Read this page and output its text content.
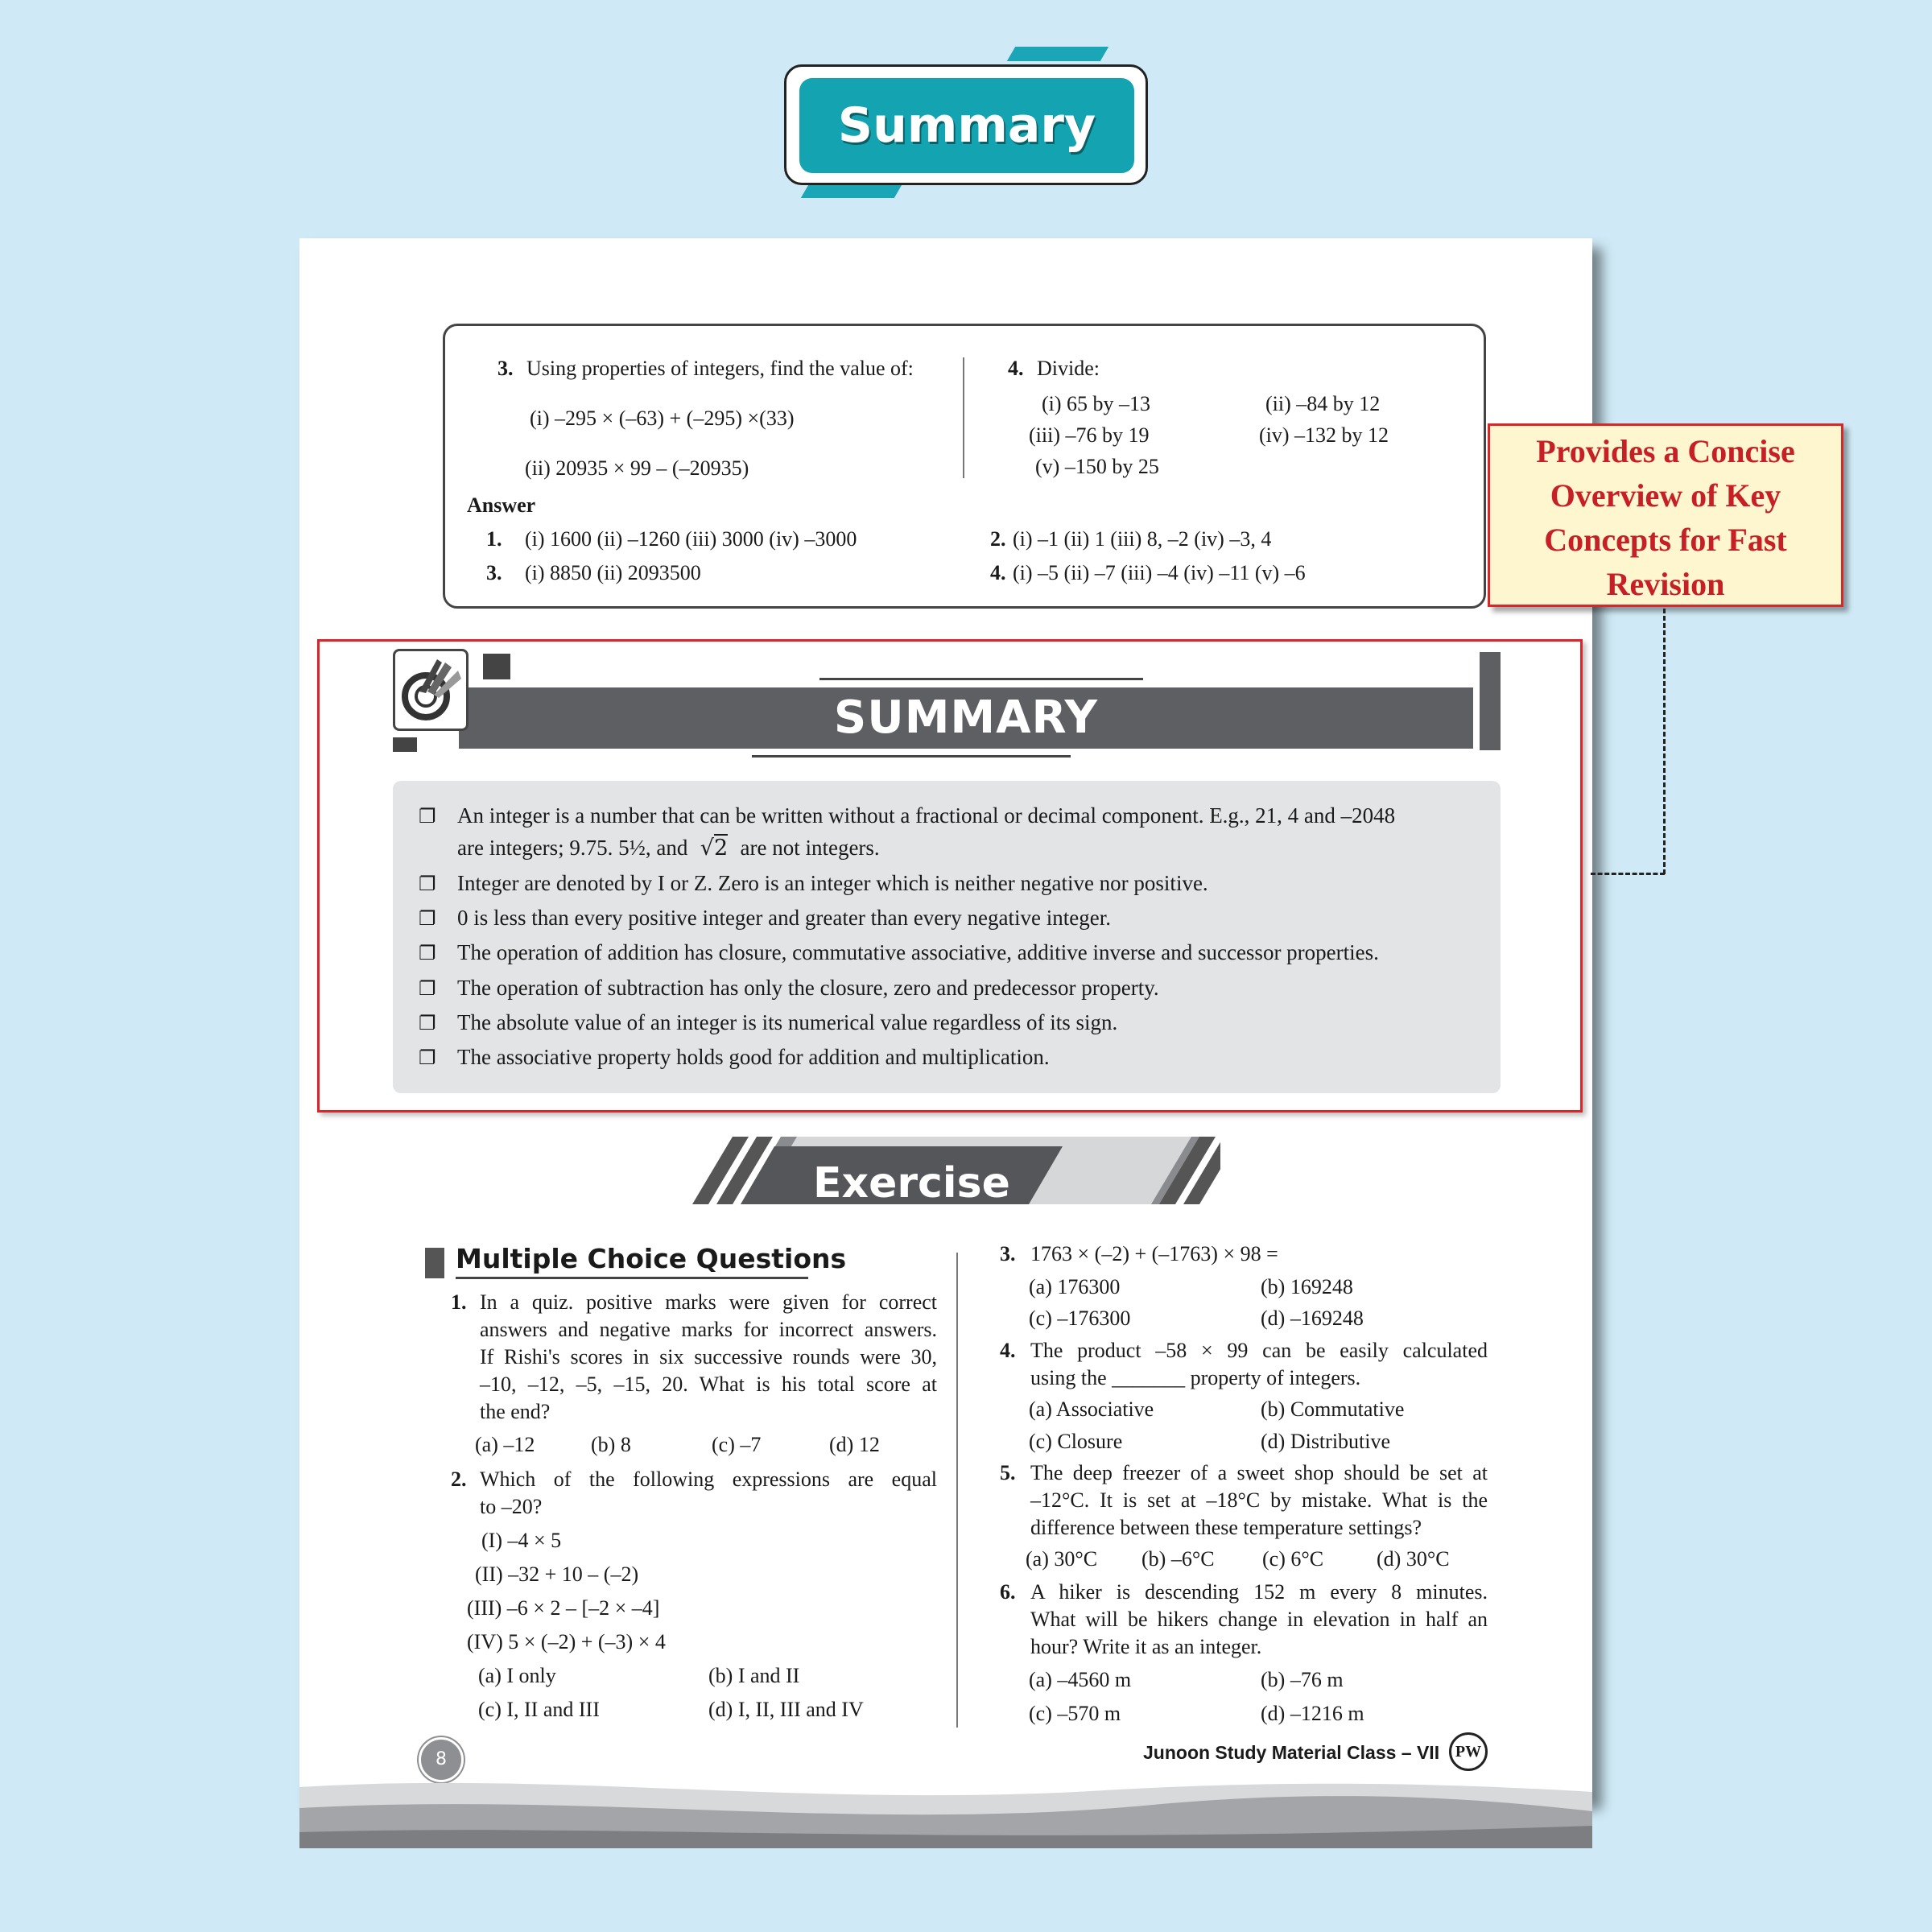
Summary
3. Using properties of integers, find the value of:
(i) –295 × (–63) + (–295) ×(33)
(ii) 20935 × 99 – (–20935)
4. Divide:
(i) 65 by –13	(ii) –84 by 12
(iii) –76 by 19	(iv) –132 by 12
(v) –150 by 25
Answer
1. (i) 1600 (ii) –1260 (iii) 3000 (iv) –3000	2. (i) –1 (ii) 1 (iii) 8, –2 (iv) –3, 4
3. (i) 8850 (ii) 2093500	4. (i) –5 (ii) –7 (iii) –4 (iv) –11 (v) –6
Provides a Concise
Overview of Key
Concepts for Fast
Revision
SUMMARY
❐ An integer is a number that can be written without a fractional or decimal component. E.g., 21, 4 and –2048
are integers; 9.75. 5½, and  √2 are not integers.
❐ Integer are denoted by I or Z. Zero is an integer which is neither negative nor positive.
❐ 0 is less than every positive integer and greater than every negative integer.
❐ The operation of addition has closure, commutative associative, additive inverse and successor properties.
❐ The operation of subtraction has only the closure, zero and predecessor property.
❐ The absolute value of an integer is its numerical value regardless of its sign.
❐ The associative property holds good for addition and multiplication.
Exercise
Multiple Choice Questions
1. In a quiz. positive marks were given for correct
answers and negative marks for incorrect answers.
If Rishi's scores in six successive rounds were 30,
–10, –12, –5, –15, 20. What is his total score at
the end?
(a) –12	(b) 8	(c) –7	(d) 12
2. Which of the following expressions are equal
to –20?
(I) –4 × 5
(II) –32 + 10 – (–2)
(III) –6 × 2 – [–2 × –4]
(IV) 5 × (–2) + (–3) × 4
(a) I only	(b) I and II
(c) I, II and III	(d) I, II, III and IV
3. 1763 × (–2) + (–1763) × 98 =
(a) 176300	(b) 169248
(c) –176300	(d) –169248
4. The product –58 × 99 can be easily calculated
using the _______ property of integers.
(a) Associative	(b) Commutative
(c) Closure	(d) Distributive
5. The deep freezer of a sweet shop should be set at
–12°C. It is set at –18°C by mistake. What is the
difference between these temperature settings?
(a) 30°C (b) –6°C (c) 6°C	(d) 30°C
6. A hiker is descending 152 m every 8 minutes.
What will be hikers change in elevation in half an
hour? Write it as an integer.
(a) –4560 m	(b) –76 m
(c) –570 m	(d) –1216 m
8	Junoon Study Material Class – VII PW
